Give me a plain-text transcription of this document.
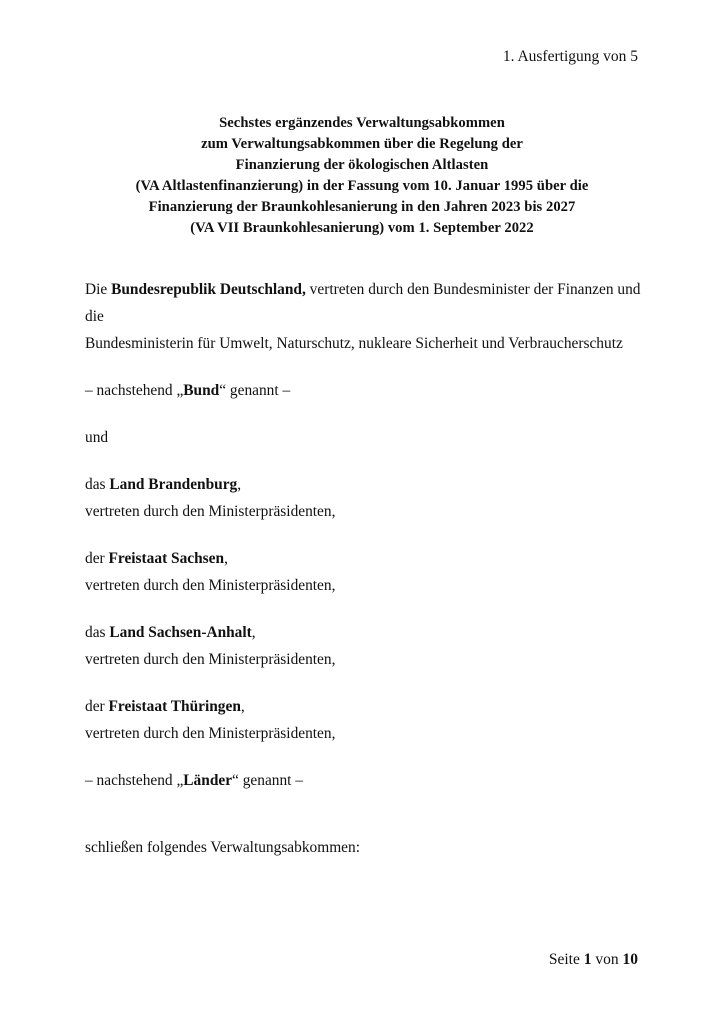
1. Ausfertigung von 5
Sechstes ergänzendes Verwaltungsabkommen
zum Verwaltungsabkommen über die Regelung der
Finanzierung der ökologischen Altlasten
(VA Altlastenfinanzierung) in der Fassung vom 10. Januar 1995 über die
Finanzierung der Braunkohlesanierung in den Jahren 2023 bis 2027
(VA VII Braunkohlesanierung) vom 1. September 2022

Die Bundesrepublik Deutschland, vertreten durch den Bundesminister der Finanzen und die
Bundesministerin für Umwelt, Naturschutz, nukleare Sicherheit und Verbraucherschutz

– nachstehend „Bund“ genannt –

und

das Land Brandenburg,
vertreten durch den Ministerpräsidenten,

der Freistaat Sachsen,
vertreten durch den Ministerpräsidenten,

das Land Sachsen-Anhalt,
vertreten durch den Ministerpräsidenten,

der Freistaat Thüringen,
vertreten durch den Ministerpräsidenten,

– nachstehend „Länder“ genannt –

schließen folgendes Verwaltungsabkommen:

Seite 1 von 10
